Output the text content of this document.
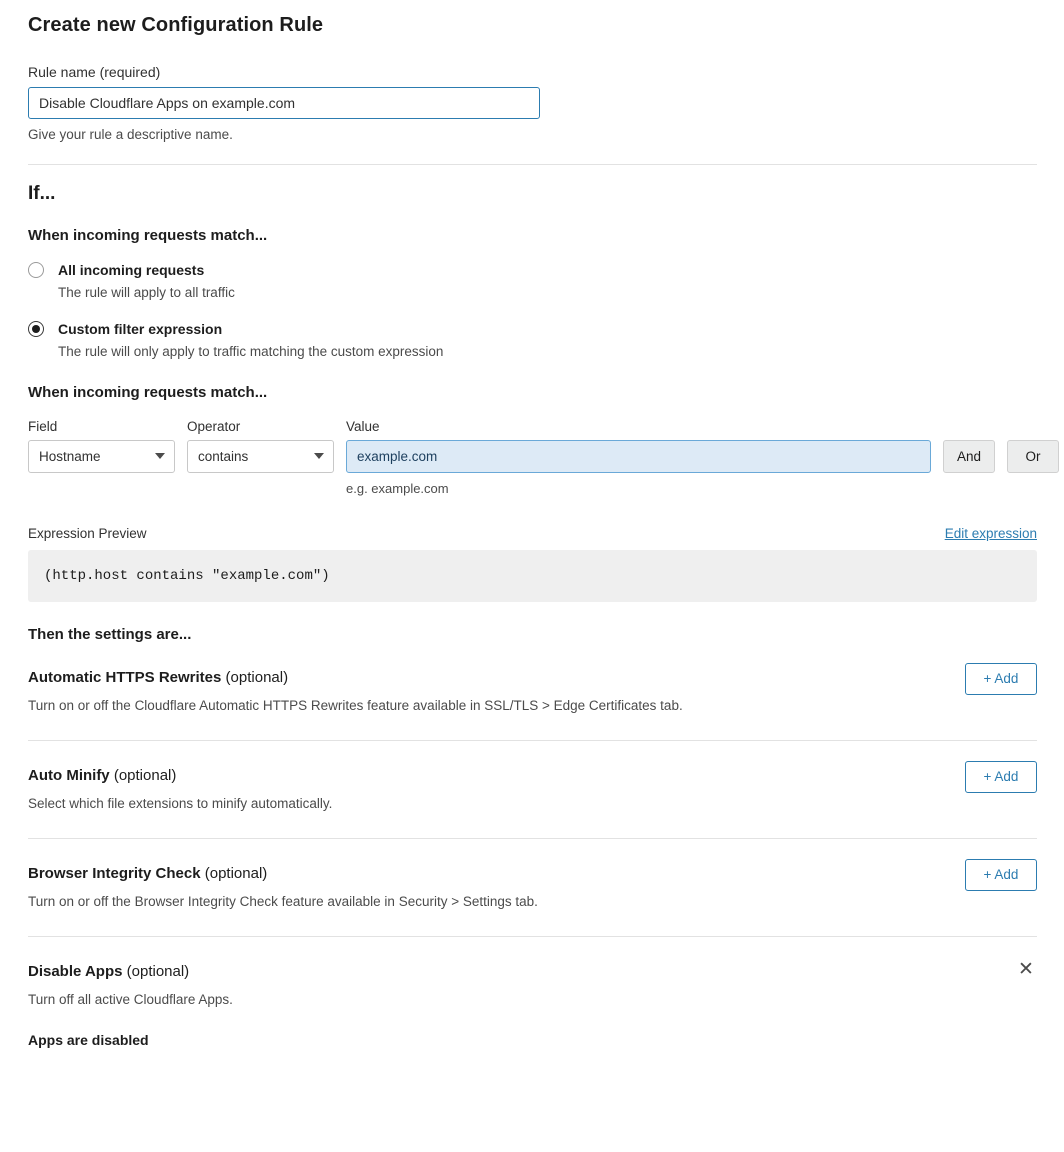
Create new Configuration Rule
Rule name (required)
Disable Cloudflare Apps on example.com
Give your rule a descriptive name.
If...
When incoming requests match...
All incoming requests
The rule will apply to all traffic
Custom filter expression
The rule will only apply to traffic matching the custom expression
When incoming requests match...
Field
Hostname
Operator
contains
Value
example.com
e.g. example.com

And
	Or
Expression Preview	Edit expression
(http.host contains "example.com")
Then the settings are...
Automatic HTTPS Rewrites (optional)
Turn on or off the Cloudflare Automatic HTTPS Rewrites feature available in SSL/TLS > Edge Certificates tab.
+ Add
Auto Minify (optional)
Select which file extensions to minify automatically.
+ Add
Browser Integrity Check (optional)
Turn on or off the Browser Integrity Check feature available in Security > Settings tab.
+ Add
Disable Apps (optional)
Turn off all active Cloudflare Apps.
✕
Apps are disabled
